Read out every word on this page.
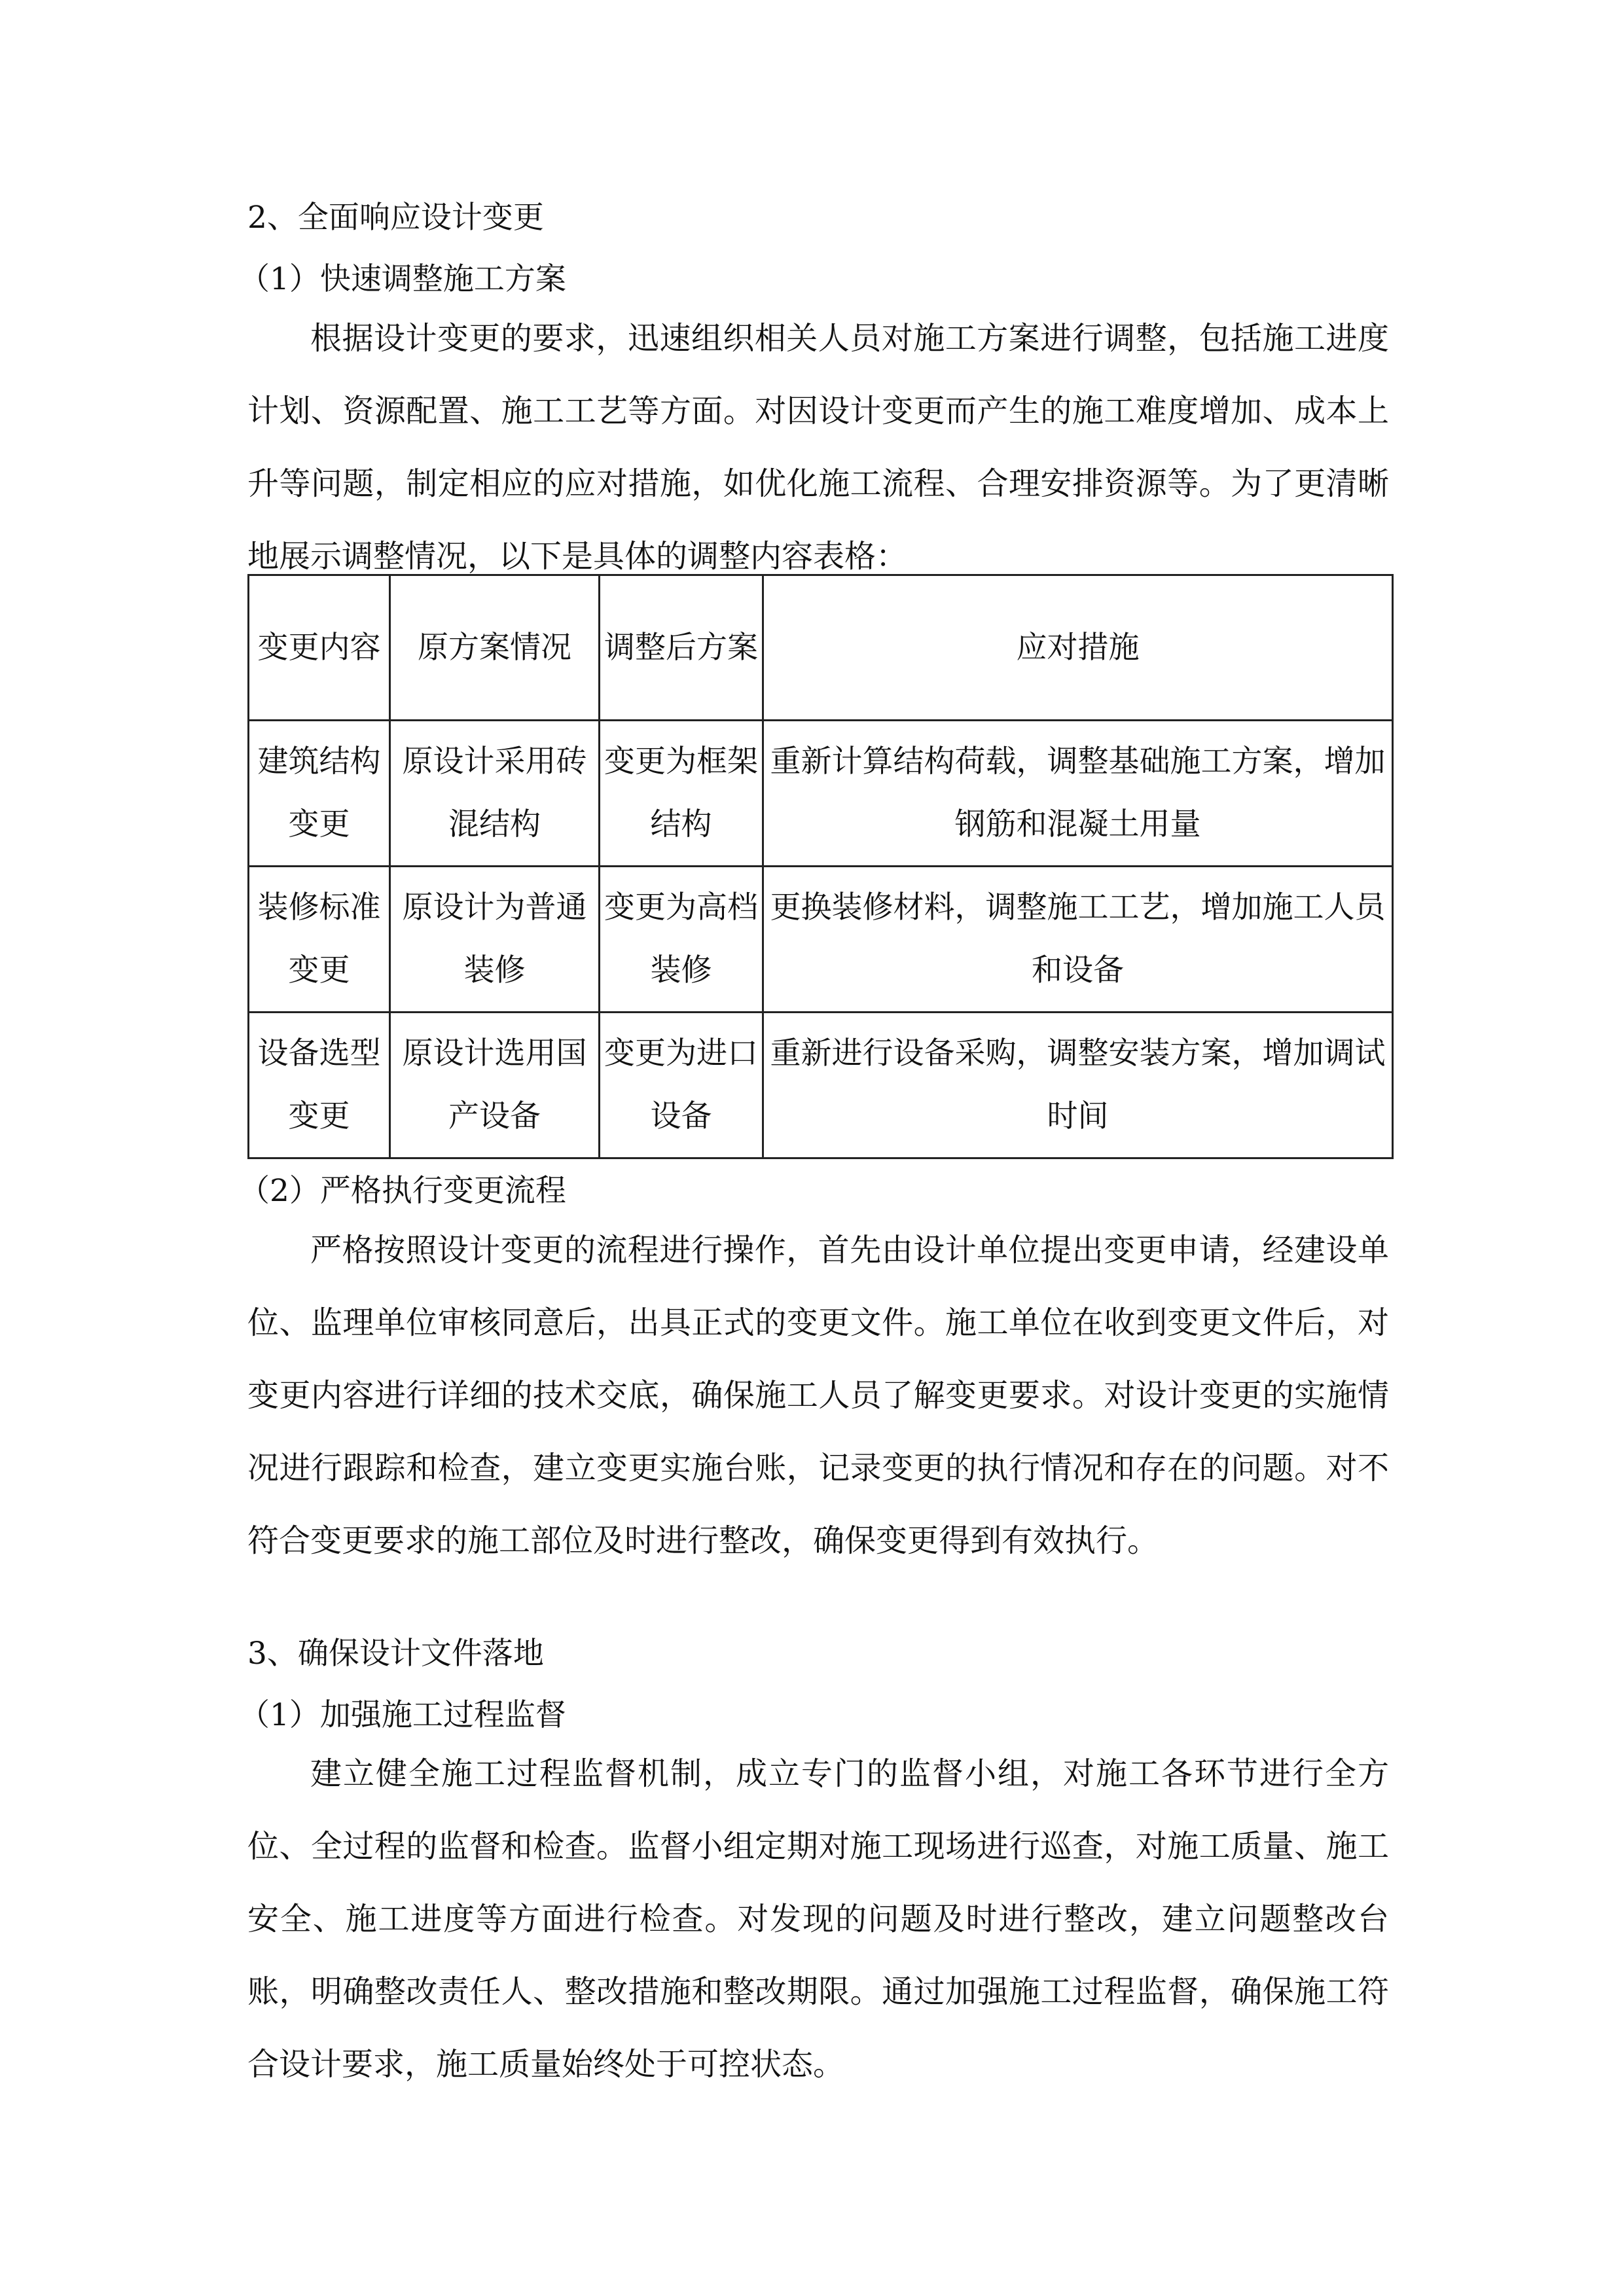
2、全面响应设计变更

（1）快速调整施工方案

根据设计变更的要求，迅速组织相关人员对施工方案进行调整，包括施工进度计划、资源配置、施工工艺等方面。对因设计变更而产生的施工难度增加、成本上升等问题，制定相应的应对措施，如优化施工流程、合理安排资源等。为了更清晰地展示调整情况，以下是具体的调整内容表格：

变更内容	原方案情况	调整后方案	应对措施
建筑结构变更	原设计采用砖混结构	变更为框架结构	重新计算结构荷载，调整基础施工方案，增加钢筋和混凝土用量
装修标准变更	原设计为普通装修	变更为高档装修	更换装修材料，调整施工工艺，增加施工人员和设备
设备选型变更	原设计选用国产设备	变更为进口设备	重新进行设备采购，调整安装方案，增加调试时间

（2）严格执行变更流程

严格按照设计变更的流程进行操作，首先由设计单位提出变更申请，经建设单位、监理单位审核同意后，出具正式的变更文件。施工单位在收到变更文件后，对变更内容进行详细的技术交底，确保施工人员了解变更要求。对设计变更的实施情况进行跟踪和检查，建立变更实施台账，记录变更的执行情况和存在的问题。对不符合变更要求的施工部位及时进行整改，确保变更得到有效执行。

3、确保设计文件落地

（1）加强施工过程监督

建立健全施工过程监督机制，成立专门的监督小组，对施工各环节进行全方位、全过程的监督和检查。监督小组定期对施工现场进行巡查，对施工质量、施工安全、施工进度等方面进行检查。对发现的问题及时进行整改，建立问题整改台账，明确整改责任人、整改措施和整改期限。通过加强施工过程监督，确保施工符合设计要求，施工质量始终处于可控状态。
